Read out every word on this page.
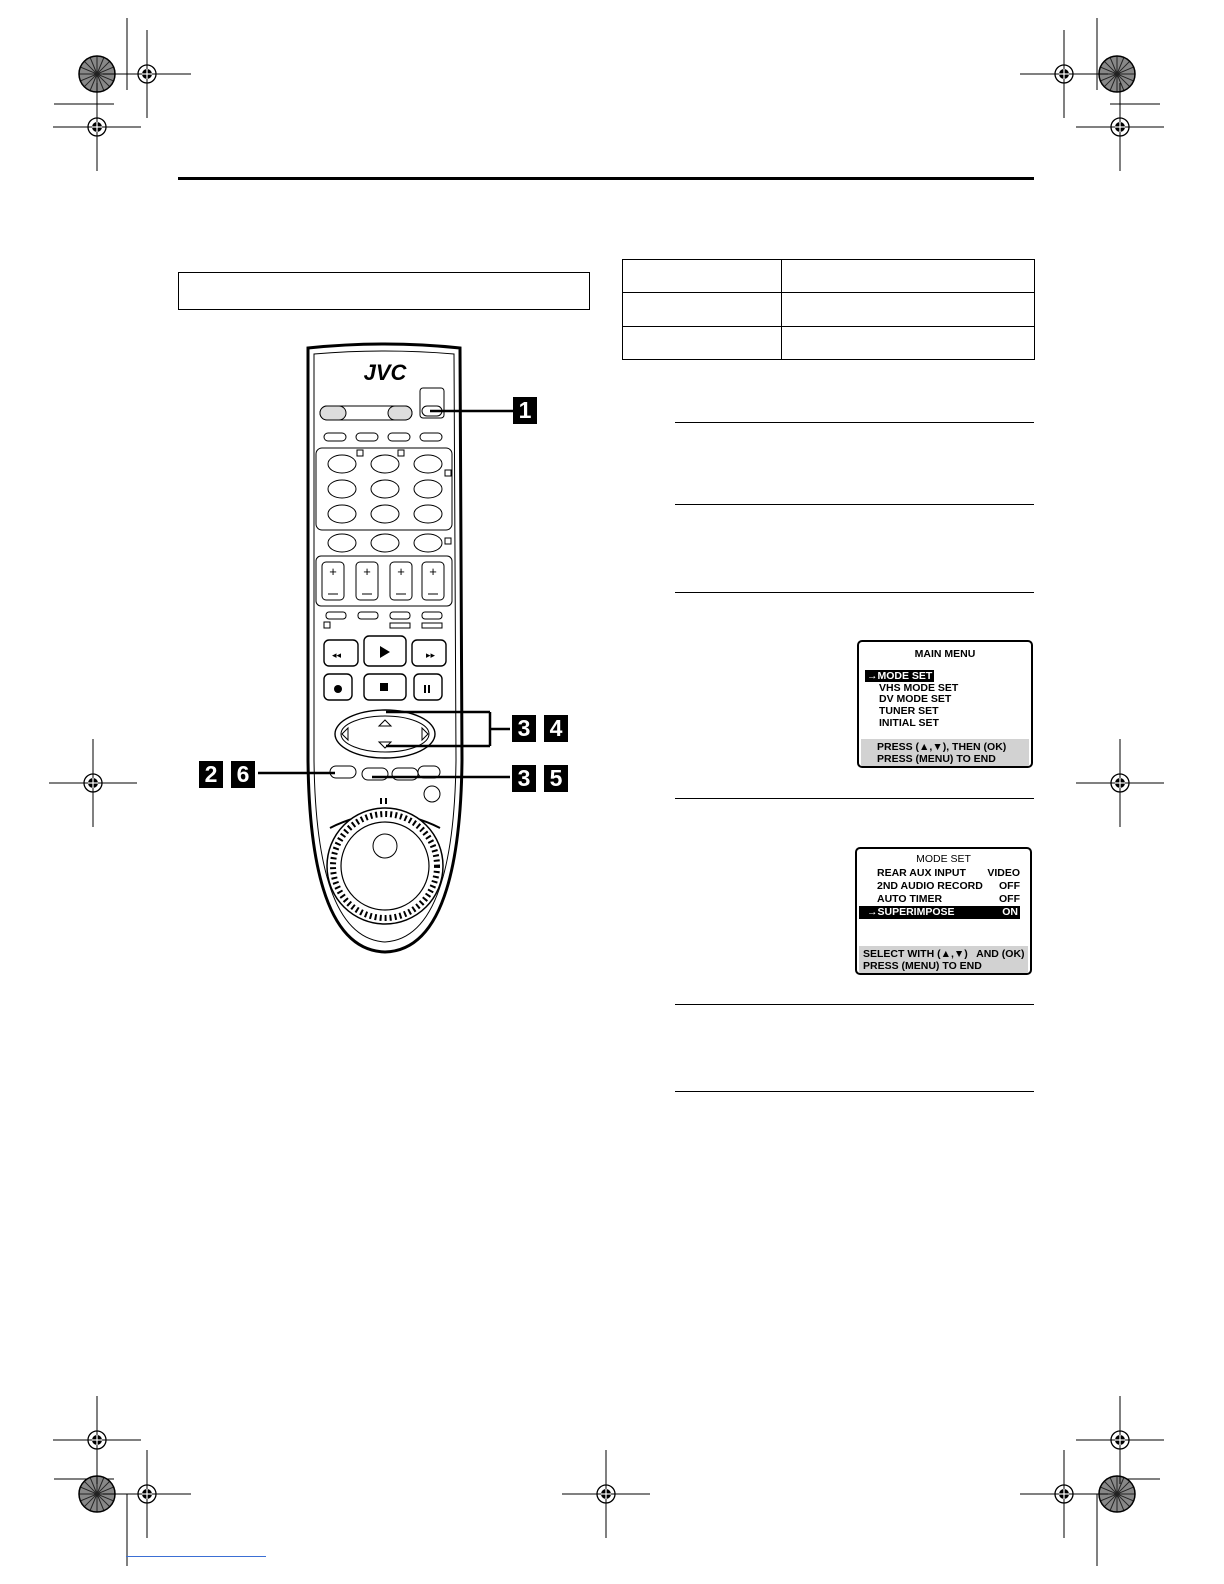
JVC
+ + + +
◂◂	▸▸
1
3 4
2 6	3 5
MAIN MENU
→MODE SET
VHS MODE SET
DV MODE SET
TUNER SET
INITIAL SET
PRESS (▲,▼), THEN (OK)
PRESS (MENU) TO END
MODE SET
REAR AUX INPUT VIDEO
2ND AUDIO RECORD OFF
AUTO TIMER	OFF
→SUPERIMPOSE	ON
SELECT WITH (▲,▼)   AND (OK)
PRESS (MENU) TO END
